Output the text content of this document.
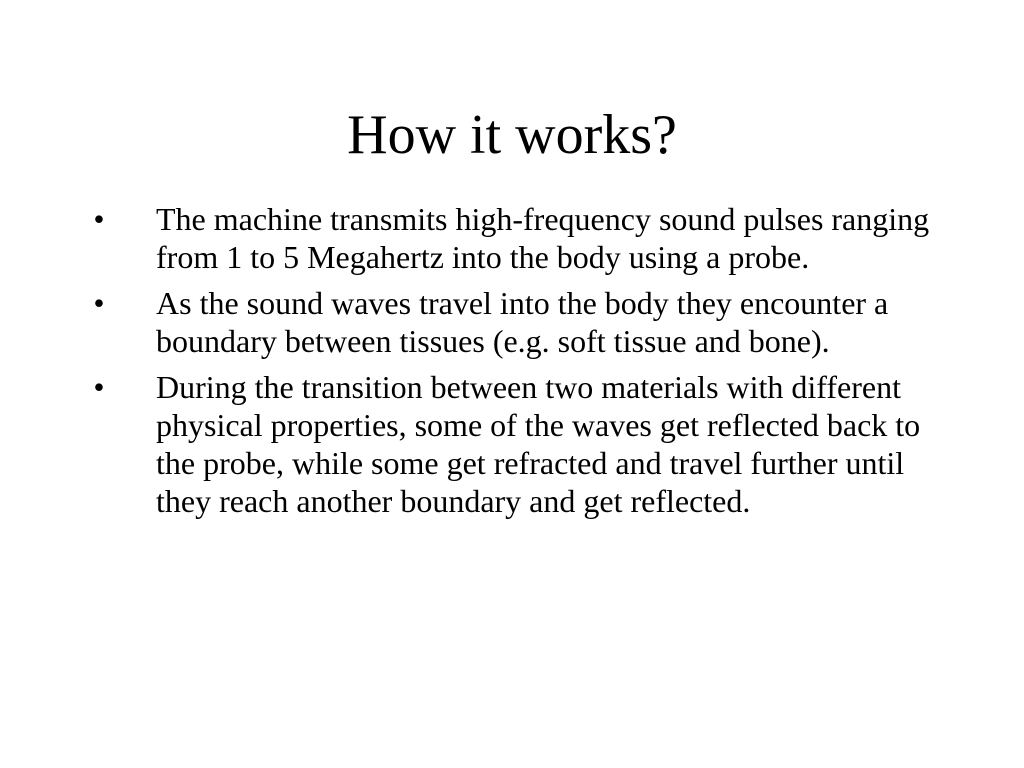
How it works?
• The machine transmits high-frequency sound pulses ranging from 1 to 5 Megahertz into the body using a probe.
• As the sound waves travel into the body they encounter a boundary between tissues (e.g. soft tissue and bone).
• During the transition between two materials with different physical properties, some of the waves get reflected back to the probe, while some get refracted and travel further until they reach another boundary and get reflected.
